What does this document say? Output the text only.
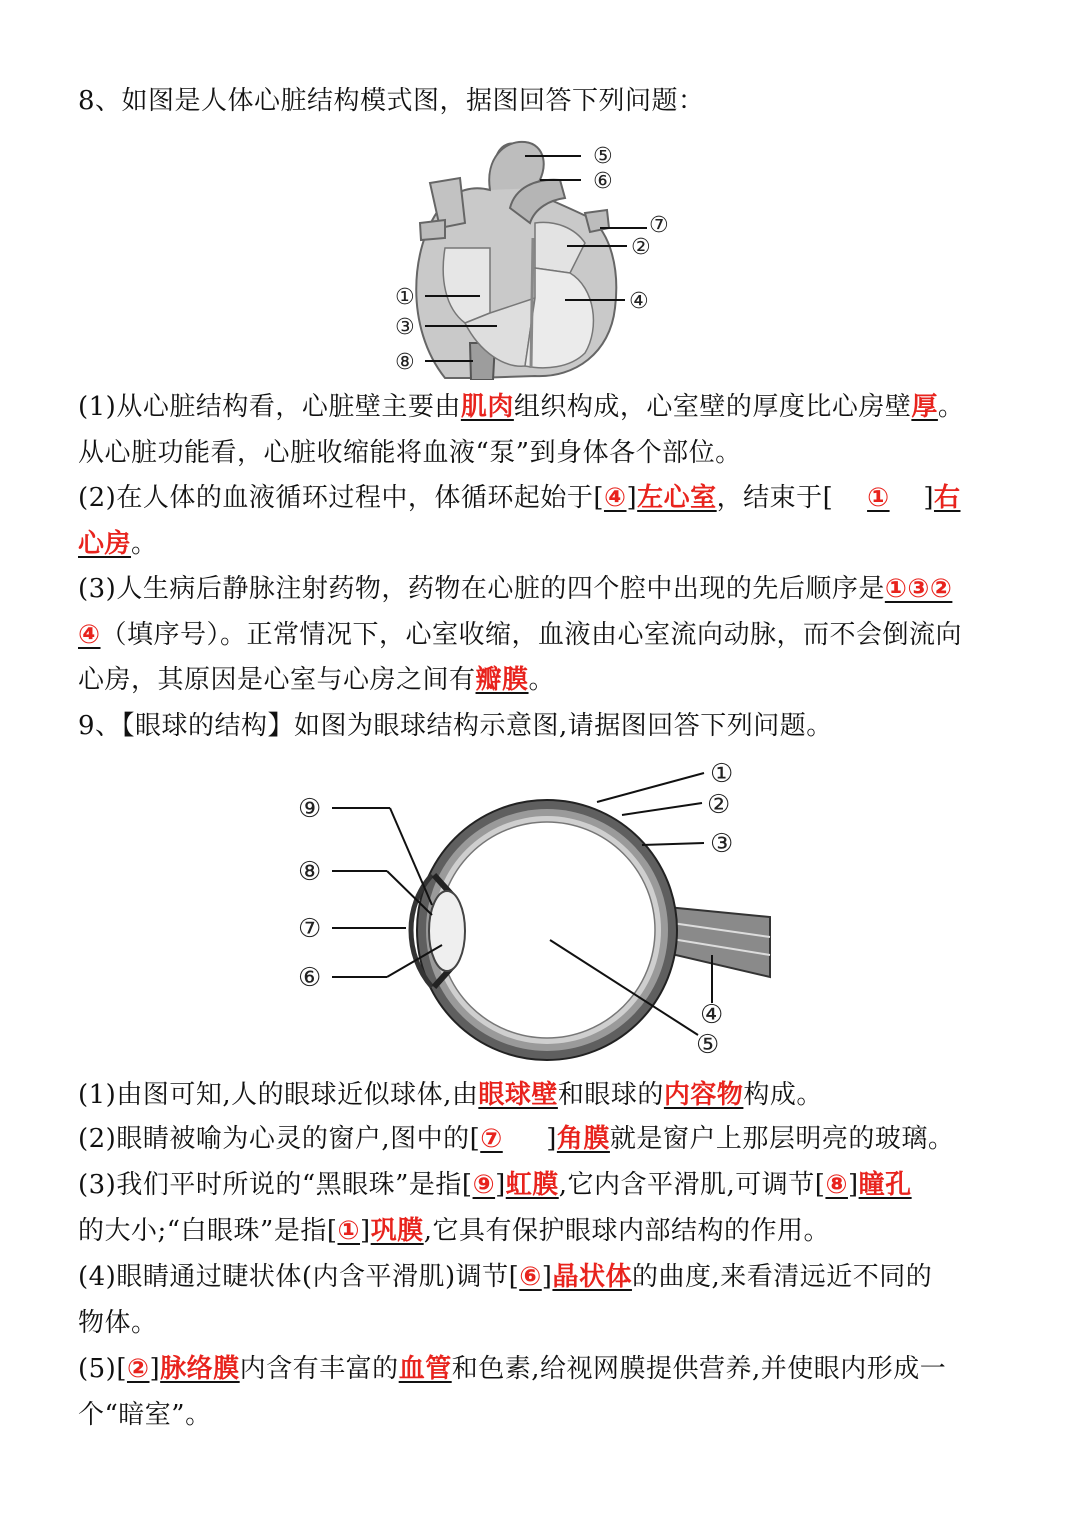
8、如图是人体心脏结构模式图，据图回答下列问题：

⑤
⑥
⑦
②
①	④
③
⑧

(1)从心脏结构看，心脏壁主要由肌肉组织构成，心室壁的厚度比心房壁厚。

从心脏功能看，心脏收缩能将血液“泵”到身体各个部位。

(2)在人体的血液循环过程中，体循环起始于[④]左心室，结束于[ ① ]右

心房。

(3)人生病后静脉注射药物，药物在心脏的四个腔中出现的先后顺序是①③②

④（填序号）。正常情况下，心室收缩，血液由心室流向动脉，而不会倒流向

心房，其原因是心室与心房之间有瓣膜。

9、【眼球的结构】如图为眼球结构示意图,请据图回答下列问题。

①
②
③
④
⑤
⑥
⑦
⑧
⑨

(1)由图可知,人的眼球近似球体,由眼球壁和眼球的内容物构成。

(2)眼睛被喻为心灵的窗户,图中的[⑦ ]角膜就是窗户上那层明亮的玻璃。

(3)我们平时所说的“黑眼珠”是指[⑨]虹膜,它内含平滑肌,可调节[⑧]瞳孔

的大小;“白眼珠”是指[①]巩膜,它具有保护眼球内部结构的作用。

(4)眼睛通过睫状体(内含平滑肌)调节[⑥]晶状体的曲度,来看清远近不同的

物体。

(5)[②]脉络膜内含有丰富的血管和色素,给视网膜提供营养,并使眼内形成一

个“暗室”。
